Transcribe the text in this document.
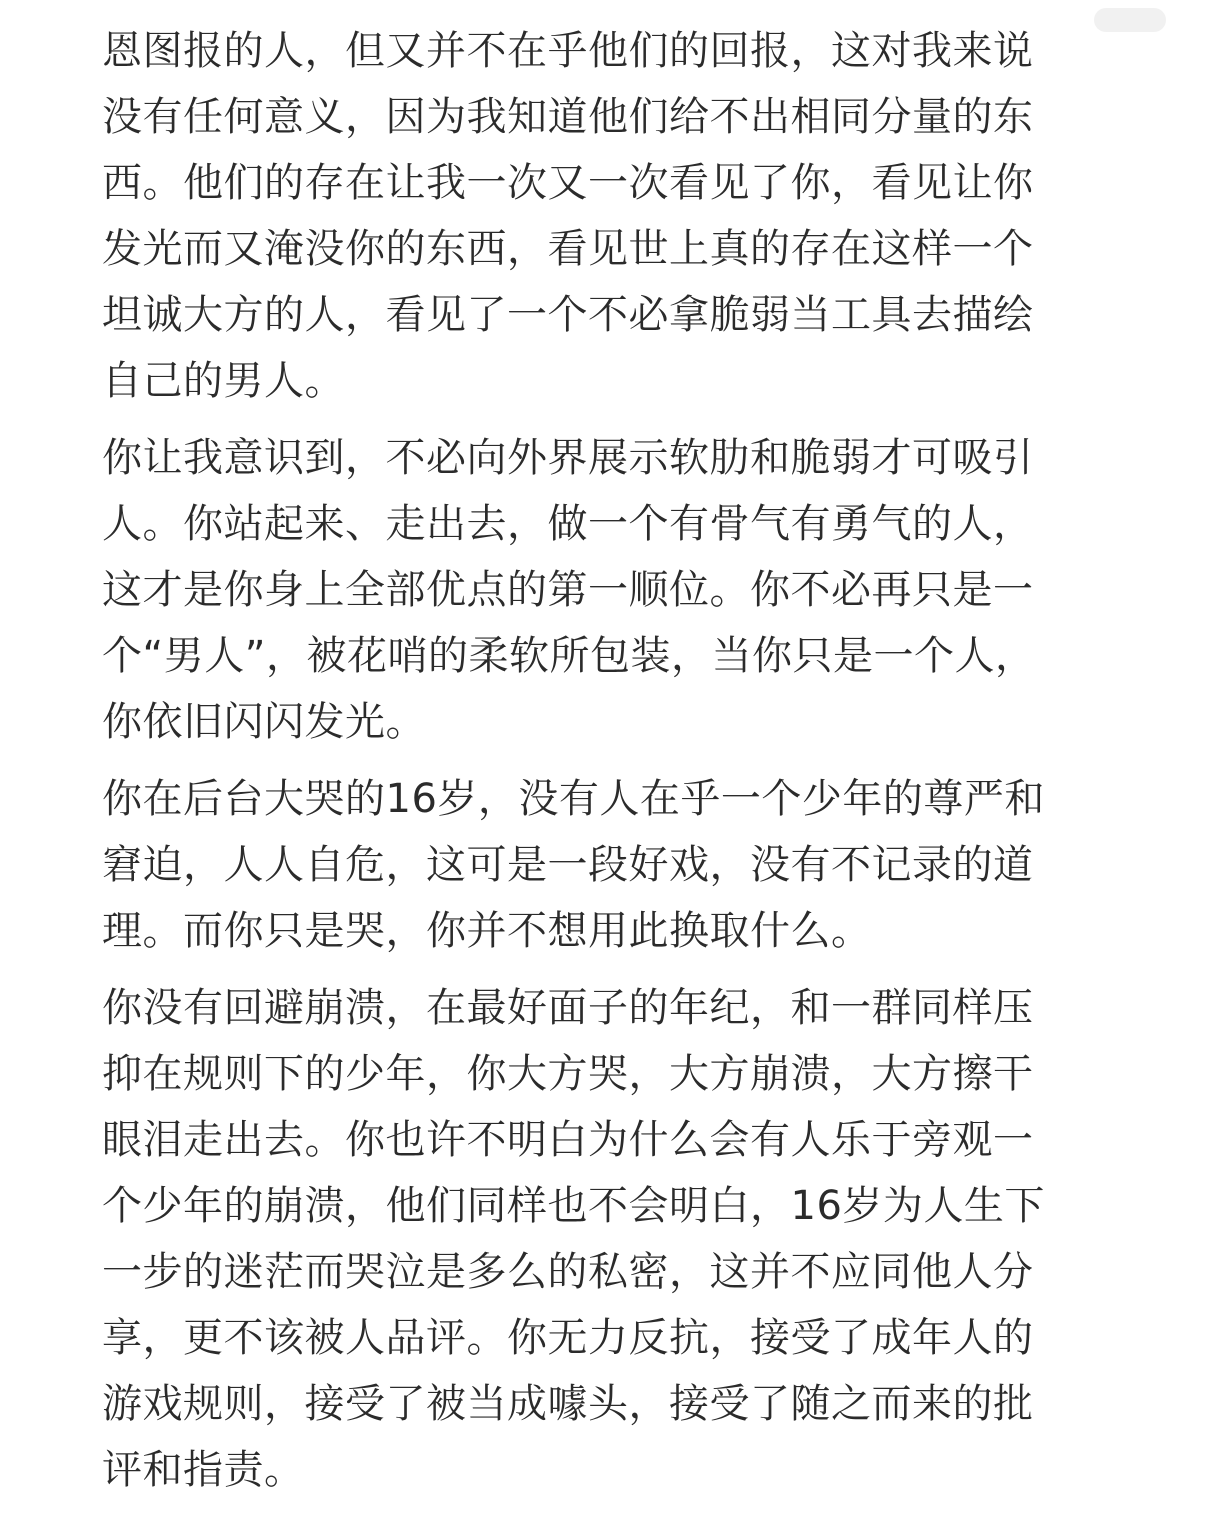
恩图报的人，但又并不在乎他们的回报，这对我来说
没有任何意义，因为我知道他们给不出相同分量的东
西。他们的存在让我一次又一次看见了你，看见让你
发光而又淹没你的东西，看见世上真的存在这样一个
坦诚大方的人，看见了一个不必拿脆弱当工具去描绘
自己的男人。

你让我意识到，不必向外界展示软肋和脆弱才可吸引
人。你站起来、走出去，做一个有骨气有勇气的人，
这才是你身上全部优点的第一顺位。你不必再只是一
个“男人”，被花哨的柔软所包装，当你只是一个人，
你依旧闪闪发光。

你在后台大哭的16岁，没有人在乎一个少年的尊严和
窘迫，人人自危，这可是一段好戏，没有不记录的道
理。而你只是哭，你并不想用此换取什么。

你没有回避崩溃，在最好面子的年纪，和一群同样压
抑在规则下的少年，你大方哭，大方崩溃，大方擦干
眼泪走出去。你也许不明白为什么会有人乐于旁观一
个少年的崩溃，他们同样也不会明白，16岁为人生下
一步的迷茫而哭泣是多么的私密，这并不应同他人分
享，更不该被人品评。你无力反抗，接受了成年人的
游戏规则，接受了被当成噱头，接受了随之而来的批
评和指责。
